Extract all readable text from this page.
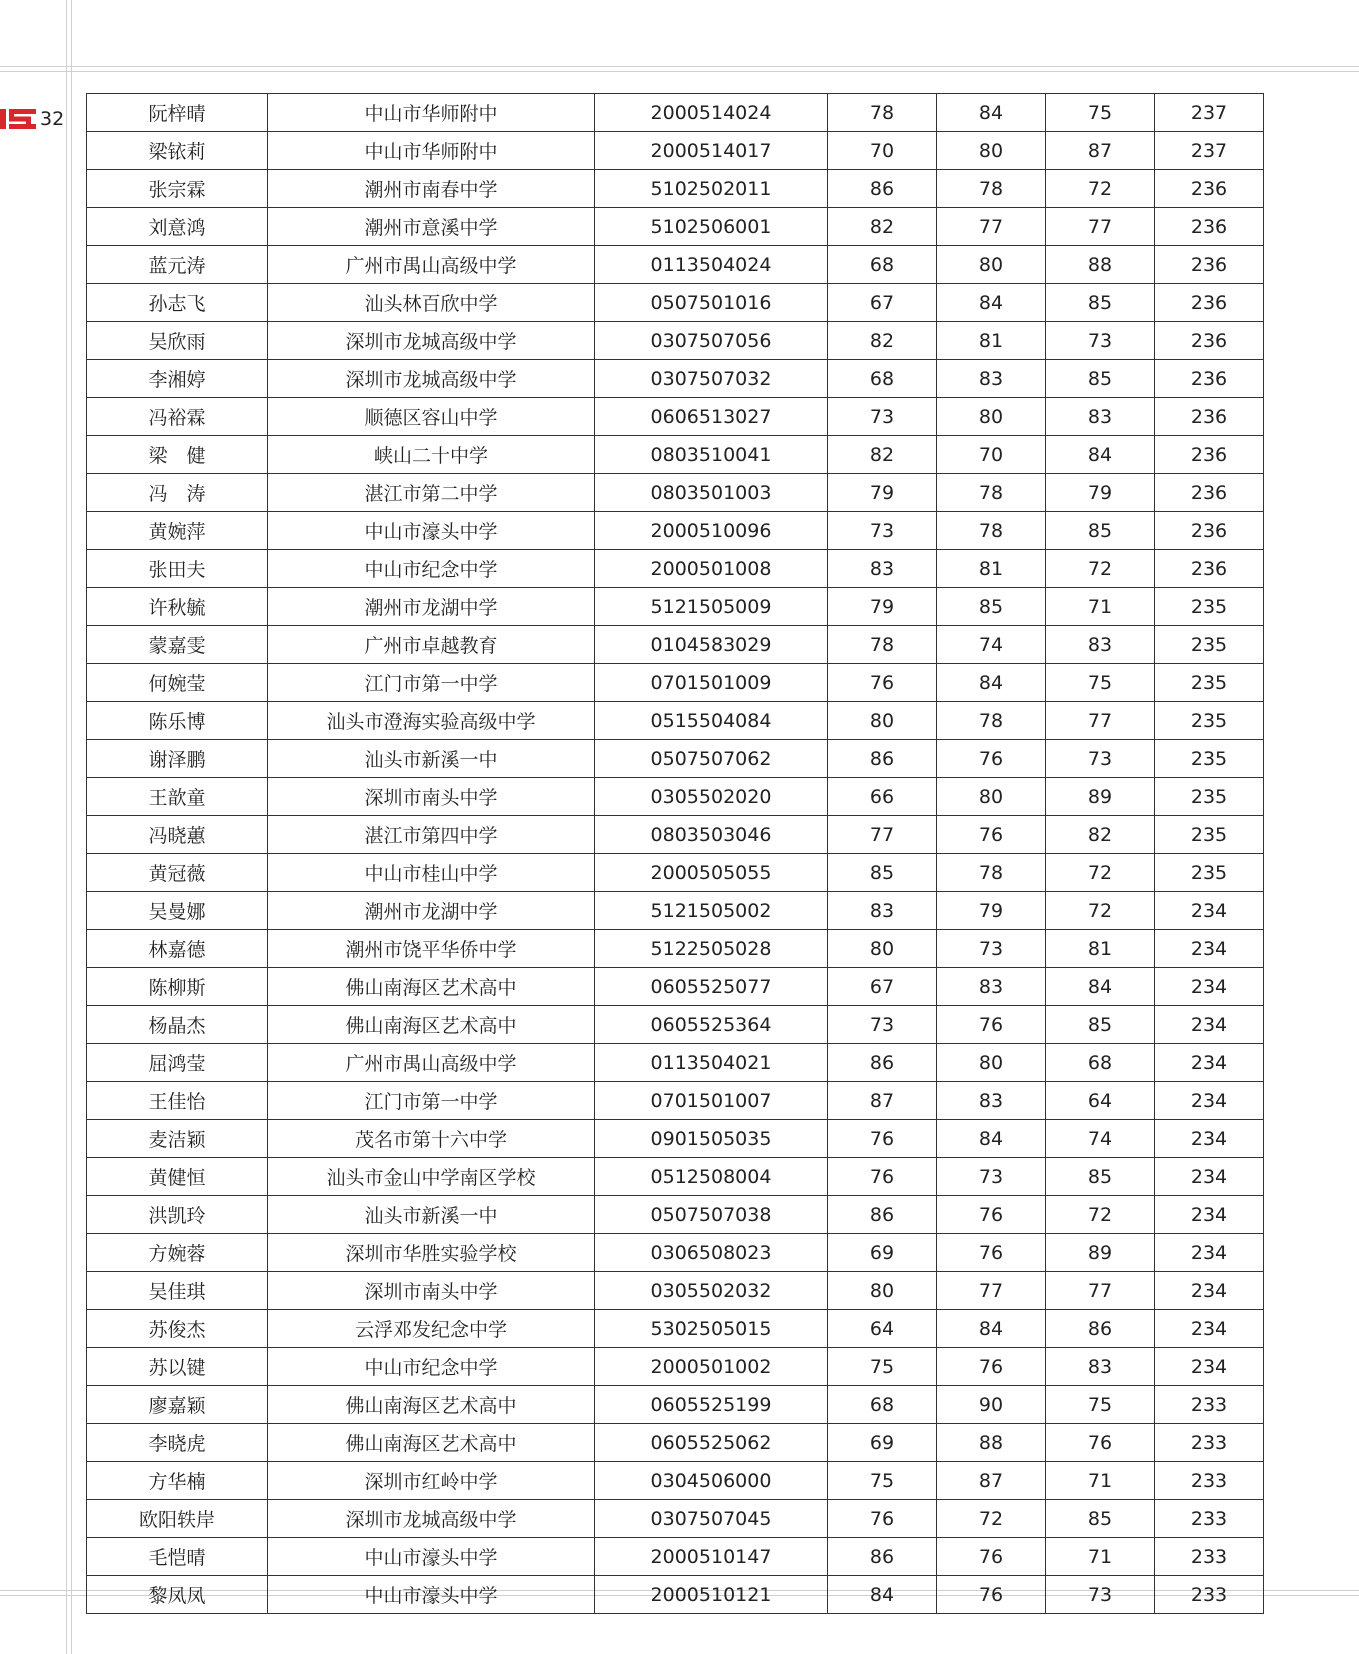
32	阮梓晴	中山市华师附中	2000514024	78	84	75	237
梁铱莉	中山市华师附中	2000514017	70	80	87	237
张宗霖	潮州市南春中学	5102502011	86	78	72	236
刘意鸿	潮州市意溪中学	5102506001	82	77	77	236
蓝元涛	广州市禺山高级中学	0113504024	68	80	88	236
孙志飞	汕头林百欣中学	0507501016	67	84	85	236
吴欣雨	深圳市龙城高级中学	0307507056	82	81	73	236
李湘婷	深圳市龙城高级中学	0307507032	68	83	85	236
冯裕霖	顺德区容山中学	0606513027	73	80	83	236
梁　健	峡山二十中学	0803510041	82	70	84	236
冯　涛	湛江市第二中学	0803501003	79	78	79	236
黄婉萍	中山市濠头中学	2000510096	73	78	85	236
张田夫	中山市纪念中学	2000501008	83	81	72	236
许秋毓	潮州市龙湖中学	5121505009	79	85	71	235
蒙嘉雯	广州市卓越教育	0104583029	78	74	83	235
何婉莹	江门市第一中学	0701501009	76	84	75	235
陈乐博	汕头市澄海实验高级中学	0515504084	80	78	77	235
谢泽鹏	汕头市新溪一中	0507507062	86	76	73	235
王歆童	深圳市南头中学	0305502020	66	80	89	235
冯晓蕙	湛江市第四中学	0803503046	77	76	82	235
黄冠薇	中山市桂山中学	2000505055	85	78	72	235
吴曼娜	潮州市龙湖中学	5121505002	83	79	72	234
林嘉德	潮州市饶平华侨中学	5122505028	80	73	81	234
陈柳斯	佛山南海区艺术高中	0605525077	67	83	84	234
杨晶杰	佛山南海区艺术高中	0605525364	73	76	85	234
屈鸿莹	广州市禺山高级中学	0113504021	86	80	68	234
王佳怡	江门市第一中学	0701501007	87	83	64	234
麦洁颖	茂名市第十六中学	0901505035	76	84	74	234
黄健恒	汕头市金山中学南区学校	0512508004	76	73	85	234
洪凯玲	汕头市新溪一中	0507507038	86	76	72	234
方婉蓉	深圳市华胜实验学校	0306508023	69	76	89	234
吴佳琪	深圳市南头中学	0305502032	80	77	77	234
苏俊杰	云浮邓发纪念中学	5302505015	64	84	86	234
苏以键	中山市纪念中学	2000501002	75	76	83	234
廖嘉颖	佛山南海区艺术高中	0605525199	68	90	75	233
李晓虎	佛山南海区艺术高中	0605525062	69	88	76	233
方华楠	深圳市红岭中学	0304506000	75	87	71	233
欧阳轶岸	深圳市龙城高级中学	0307507045	76	72	85	233
毛恺晴	中山市濠头中学	2000510147	86	76	71	233
黎凤凤	中山市濠头中学	2000510121	84	76	73	233
